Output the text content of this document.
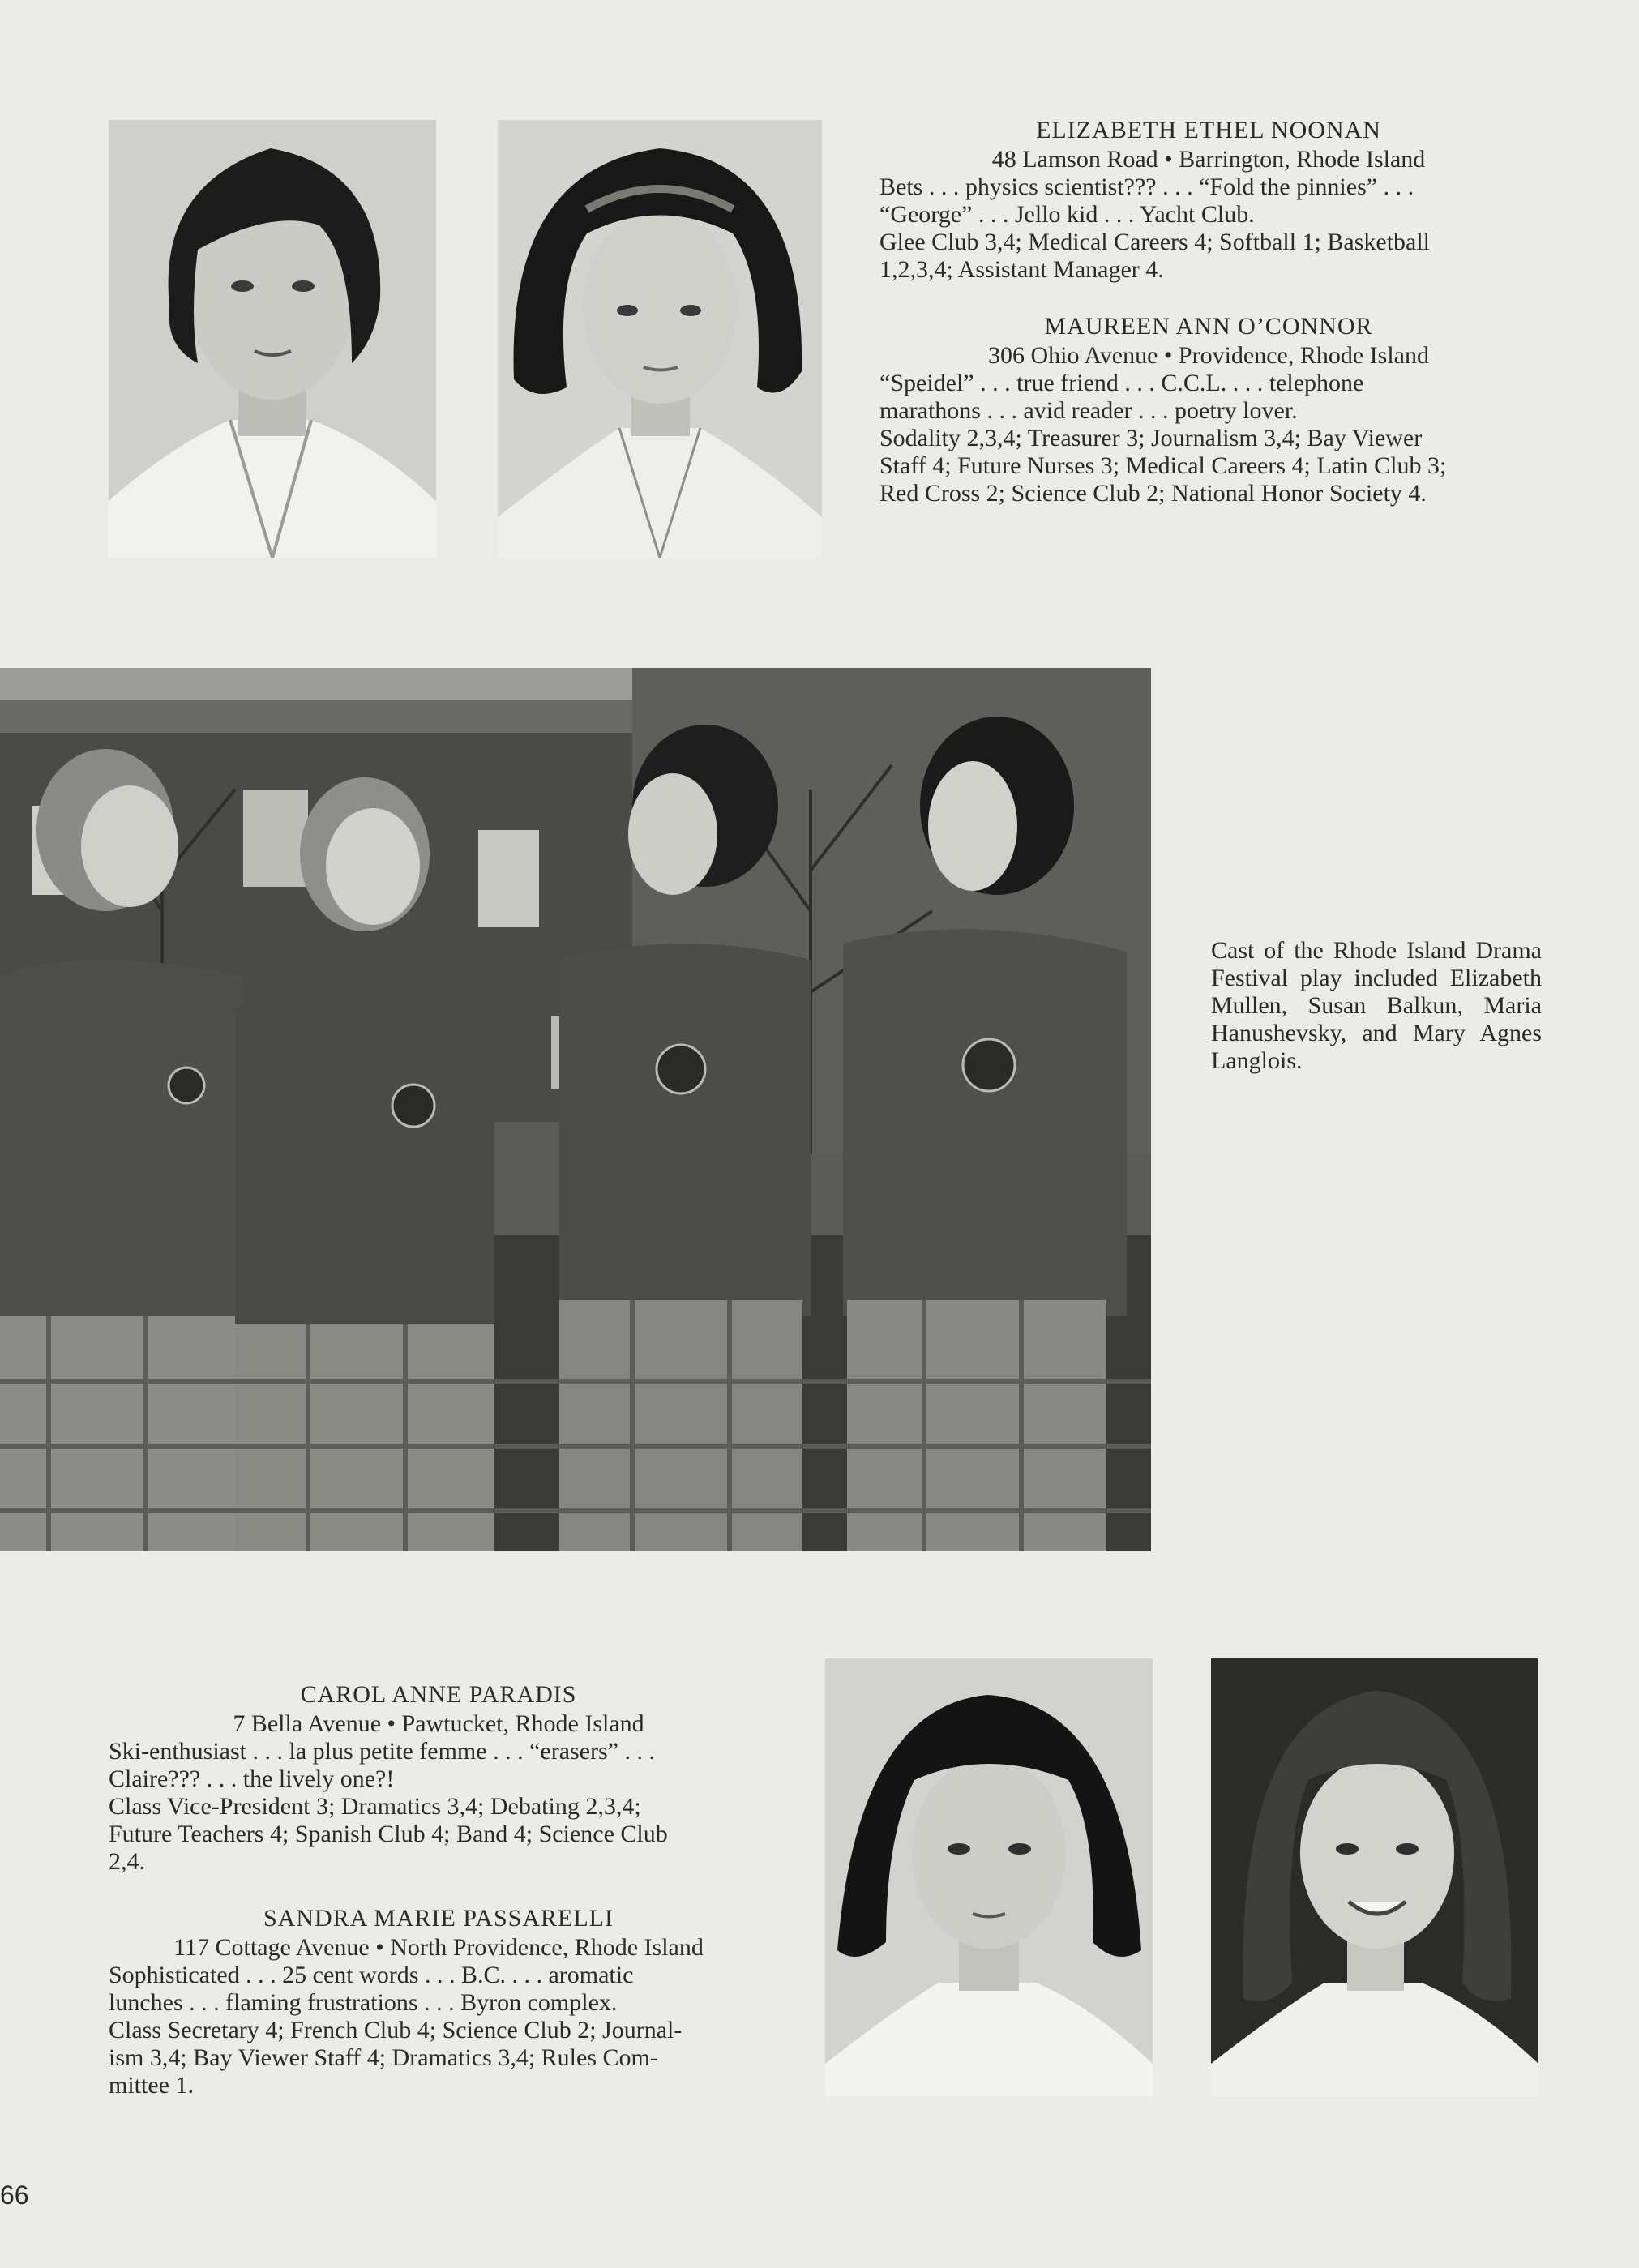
ELIZABETH ETHEL NOONAN
48 Lamson Road • Barrington, Rhode Island
Bets . . . physics scientist??? . . . “Fold the pinnies” . . .
“George” . . . Jello kid . . . Yacht Club.
Glee Club 3,4; Medical Careers 4; Softball 1; Basketball
1,2,3,4; Assistant Manager 4.
MAUREEN ANN O’CONNOR
306 Ohio Avenue • Providence, Rhode Island
“Speidel” . . . true friend . . . C.C.L. . . . telephone
marathons . . . avid reader . . . poetry lover.
Sodality 2,3,4; Treasurer 3; Journalism 3,4; Bay Viewer
Staff 4; Future Nurses 3; Medical Careers 4; Latin Club 3;
Red Cross 2; Science Club 2; National Honor Society 4.
Cast of the Rhode Island Drama Festival play included Elizabeth Mullen, Susan Balkun, Maria Hanushevsky, and Mary Agnes Langlois.
CAROL ANNE PARADIS
7 Bella Avenue • Pawtucket, Rhode Island
Ski-enthusiast . . . la plus petite femme . . . “erasers” . . .
Claire??? . . . the lively one?!
Class Vice-President 3; Dramatics 3,4; Debating 2,3,4;
Future Teachers 4; Spanish Club 4; Band 4; Science Club
2,4.
SANDRA MARIE PASSARELLI
117 Cottage Avenue • North Providence, Rhode Island
Sophisticated . . . 25 cent words . . . B.C. . . . aromatic
lunches . . . flaming frustrations . . . Byron complex.
Class Secretary 4; French Club 4; Science Club 2; Journal-
ism 3,4; Bay Viewer Staff 4; Dramatics 3,4; Rules Com-
mittee 1.
66
